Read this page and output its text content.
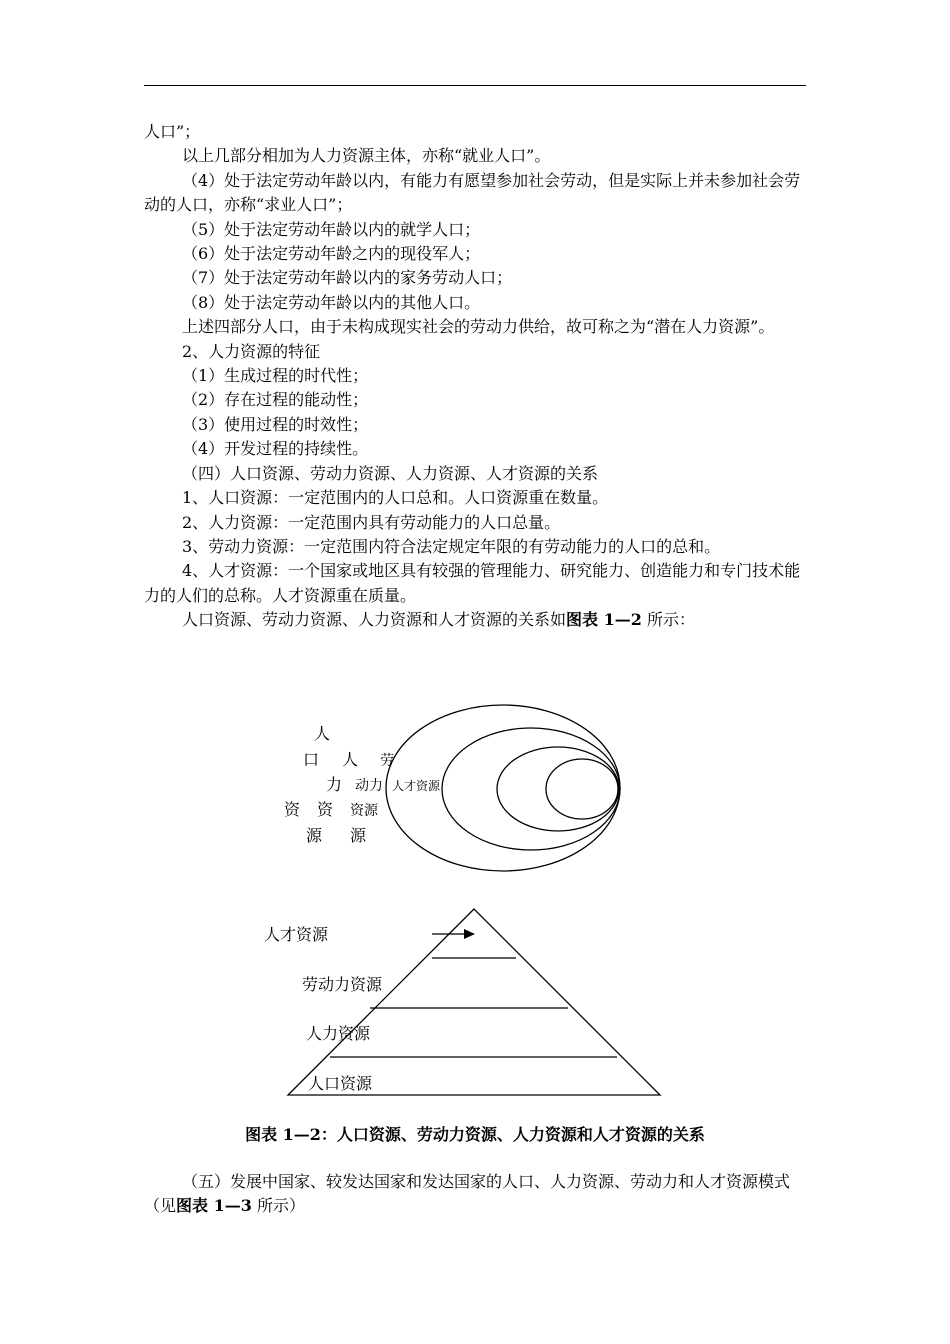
人口”；

以上几部分相加为人力资源主体，亦称“就业人口”。

（4）处于法定劳动年龄以内，有能力有愿望参加社会劳动，但是实际上并未参加社会劳动的人口，亦称“求业人口”；

（5）处于法定劳动年龄以内的就学人口；

（6）处于法定劳动年龄之内的现役军人；

（7）处于法定劳动年龄以内的家务劳动人口；

（8）处于法定劳动年龄以内的其他人口。

上述四部分人口，由于未构成现实社会的劳动力供给，故可称之为“潜在人力资源”。

2、人力资源的特征

（1）生成过程的时代性；

（2）存在过程的能动性；

（3）使用过程的时效性；

（4）开发过程的持续性。

（四）人口资源、劳动力资源、人力资源、人才资源的关系

1、人口资源：一定范围内的人口总和。人口资源重在数量。

2、人力资源：一定范围内具有劳动能力的人口总量。

3、劳动力资源：一定范围内符合法定规定年限的有劳动能力的人口的总和。

4、人才资源：一个国家或地区具有较强的管理能力、研究能力、创造能力和专门技术能力的人们的总称。人才资源重在质量。

人口资源、劳动力资源、人力资源和人才资源的关系如图表 1—2 所示：

人
口
资
源
人
力
资
源
劳
动力
资源
人才资源
人才资源
劳动力资源
人力资源
人口资源
图表 1—2：人口资源、劳动力资源、人力资源和人才资源的关系

（五）发展中国家、较发达国家和发达国家的人口、人力资源、劳动力和人才资源模式（见图表 1—3 所示）
